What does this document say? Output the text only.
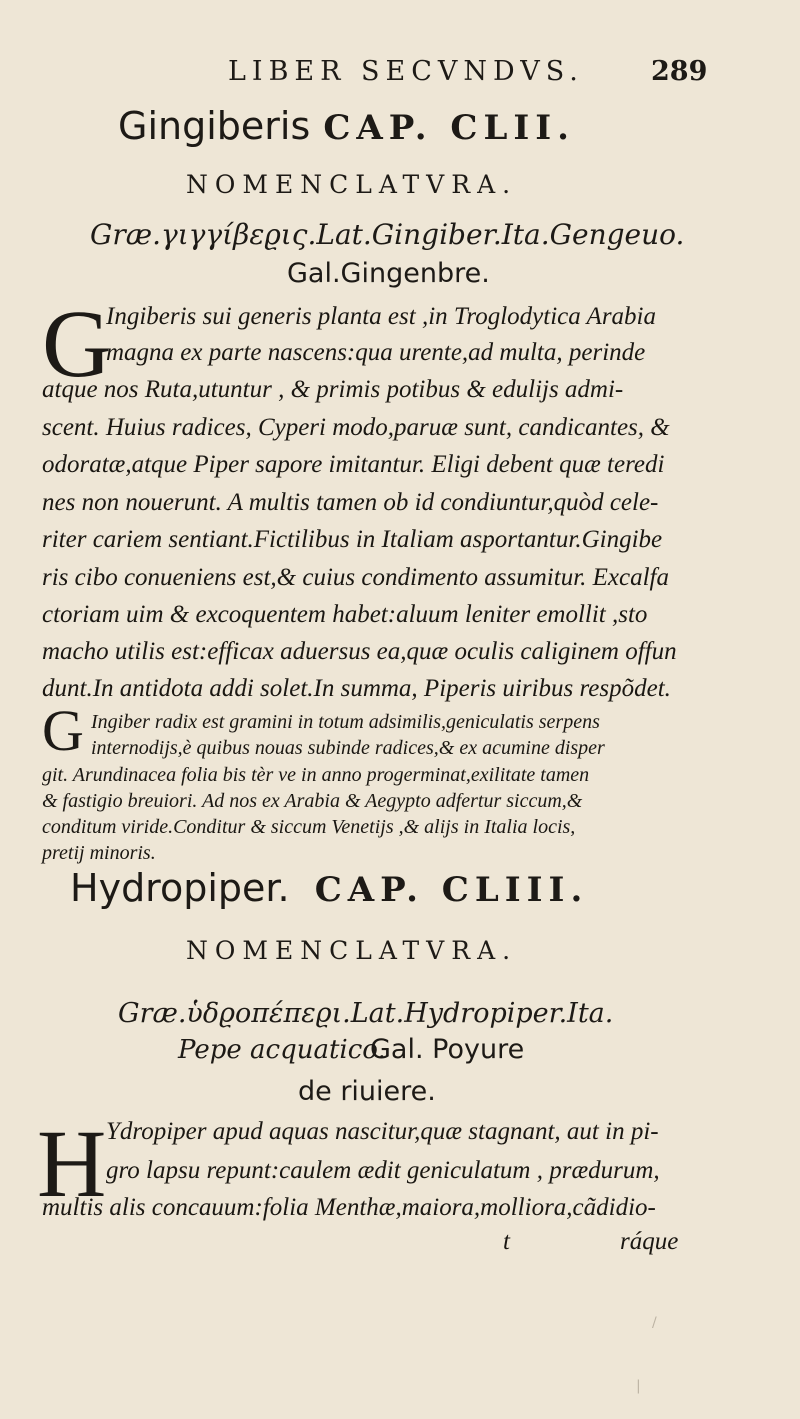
LIBER SECVNDVS. 289
Gingiberis CAP. CLII.
NOMENCLATVRA.
Græ.γιγγίβεϱις.Lat.Gingiber.Ita.Gengeuo.
Gal.Gingenbre.
G
Ingiberis sui generis planta est ,in Troglodytica Arabia
magna ex parte nascens:qua urente,ad multa, perinde
atque nos Ruta,utuntur , & primis potibus & edulijs admi-
scent. Huius radices, Cyperi modo,paruæ sunt, candicantes, &
odoratæ,atque Piper sapore imitantur. Eligi debent quæ teredi
nes non nouerunt. A multis tamen ob id condiuntur,quòd cele-
riter cariem sentiant.Fictilibus in Italiam asportantur.Gingibe
ris cibo conueniens est,& cuius condimento assumitur. Excalfa
ctoriam uim & excoquentem habet:aluum leniter emollit ,sto
macho utilis est:efficax aduersus ea,quæ oculis caliginem offun
dunt.In antidota addi solet.In summa, Piperis uiribus respõdet.
G Ingiber radix est gramini in totum adsimilis,geniculatis serpens
internodijs,è quibus nouas subinde radices,& ex acumine disper
git. Arundinacea folia bis tèr ve in anno progerminat,exilitate tamen
& fastigio breuiori. Ad nos ex Arabia & Aegypto adfertur siccum,&
conditum viride.Conditur & siccum Venetijs ,& alijs in Italia locis,
pretij minoris.
Hydropiper. CAP. CLIII.
NOMENCLATVRA.
Græ.ὑδϱοπέπεϱι.Lat.Hydropiper.Ita.
Pepe acquatico.
Gal. Poyure
de riuiere.
H Ydropiper apud aquas nascitur,quæ stagnant, aut in pi-
gro lapsu repunt:caulem ædit geniculatum , prædurum,
multis alis concauum:folia Menthæ,maiora,molliora,cãdidio-
t	ráque
/
|
